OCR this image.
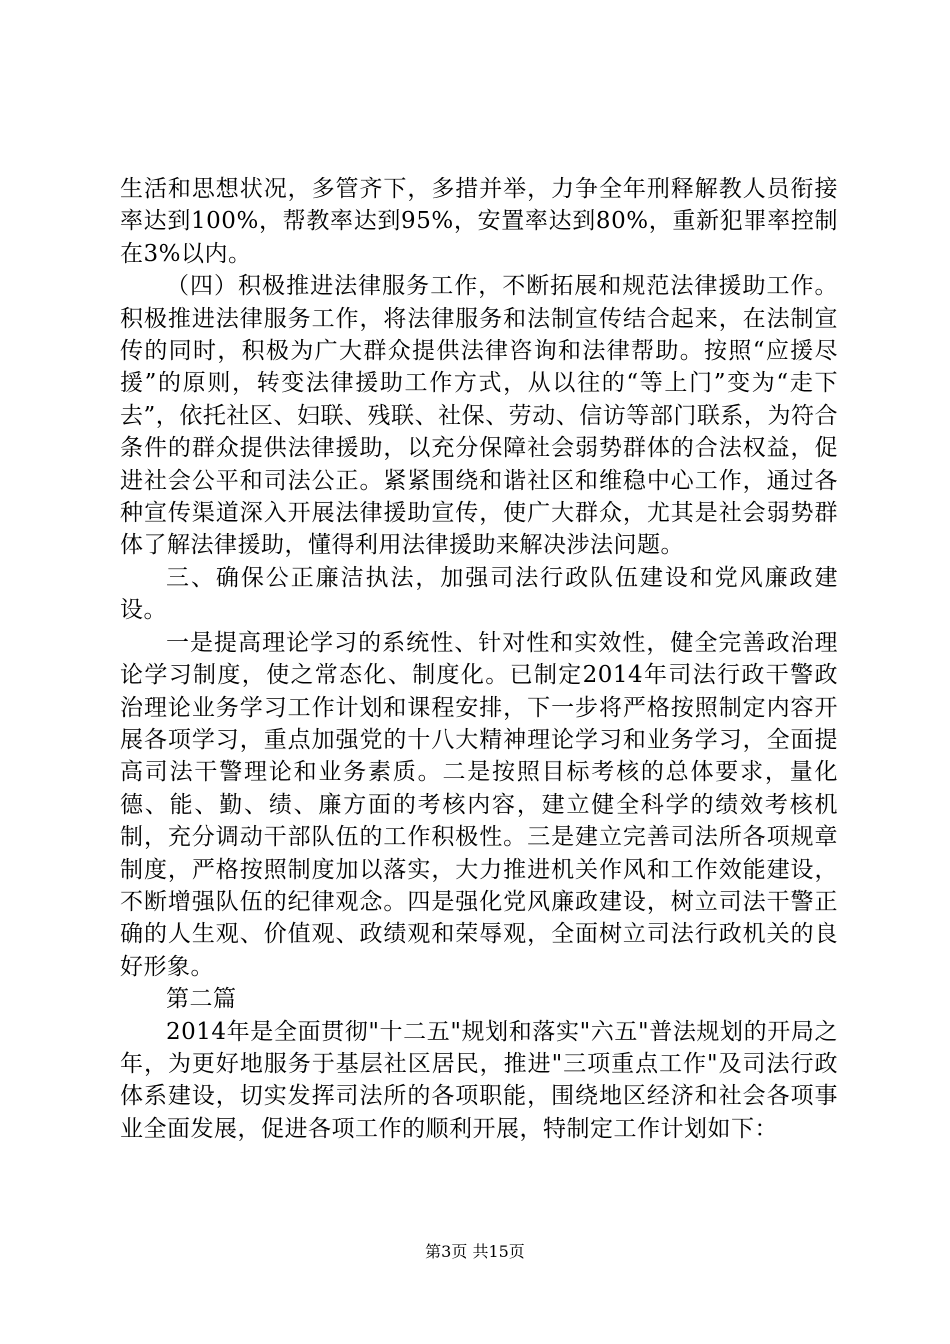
生活和思想状况，多管齐下，多措并举，力争全年刑释解教人员衔接率达到100%，帮教率达到95%，安置率达到80%，重新犯罪率控制在3%以内。

（四）积极推进法律服务工作，不断拓展和规范法律援助工作。积极推进法律服务工作，将法律服务和法制宣传结合起来，在法制宣传的同时，积极为广大群众提供法律咨询和法律帮助。按照“应援尽援”的原则，转变法律援助工作方式，从以往的“等上门”变为“走下去”，依托社区、妇联、残联、社保、劳动、信访等部门联系，为符合条件的群众提供法律援助，以充分保障社会弱势群体的合法权益，促进社会公平和司法公正。紧紧围绕和谐社区和维稳中心工作，通过各种宣传渠道深入开展法律援助宣传，使广大群众，尤其是社会弱势群体了解法律援助，懂得利用法律援助来解决涉法问题。

三、确保公正廉洁执法，加强司法行政队伍建设和党风廉政建设。

一是提高理论学习的系统性、针对性和实效性，健全完善政治理论学习制度，使之常态化、制度化。已制定2014年司法行政干警政治理论业务学习工作计划和课程安排，下一步将严格按照制定内容开展各项学习，重点加强党的十八大精神理论学习和业务学习，全面提高司法干警理论和业务素质。二是按照目标考核的总体要求，量化德、能、勤、绩、廉方面的考核内容，建立健全科学的绩效考核机制，充分调动干部队伍的工作积极性。三是建立完善司法所各项规章制度，严格按照制度加以落实，大力推进机关作风和工作效能建设，不断增强队伍的纪律观念。四是强化党风廉政建设，树立司法干警正确的人生观、价值观、政绩观和荣辱观，全面树立司法行政机关的良好形象。

第二篇

2014年是全面贯彻"十二五"规划和落实"六五"普法规划的开局之年，为更好地服务于基层社区居民，推进"三项重点工作"及司法行政体系建设，切实发挥司法所的各项职能，围绕地区经济和社会各项事业全面发展，促进各项工作的顺利开展，特制定工作计划如下：

第3页 共15页
